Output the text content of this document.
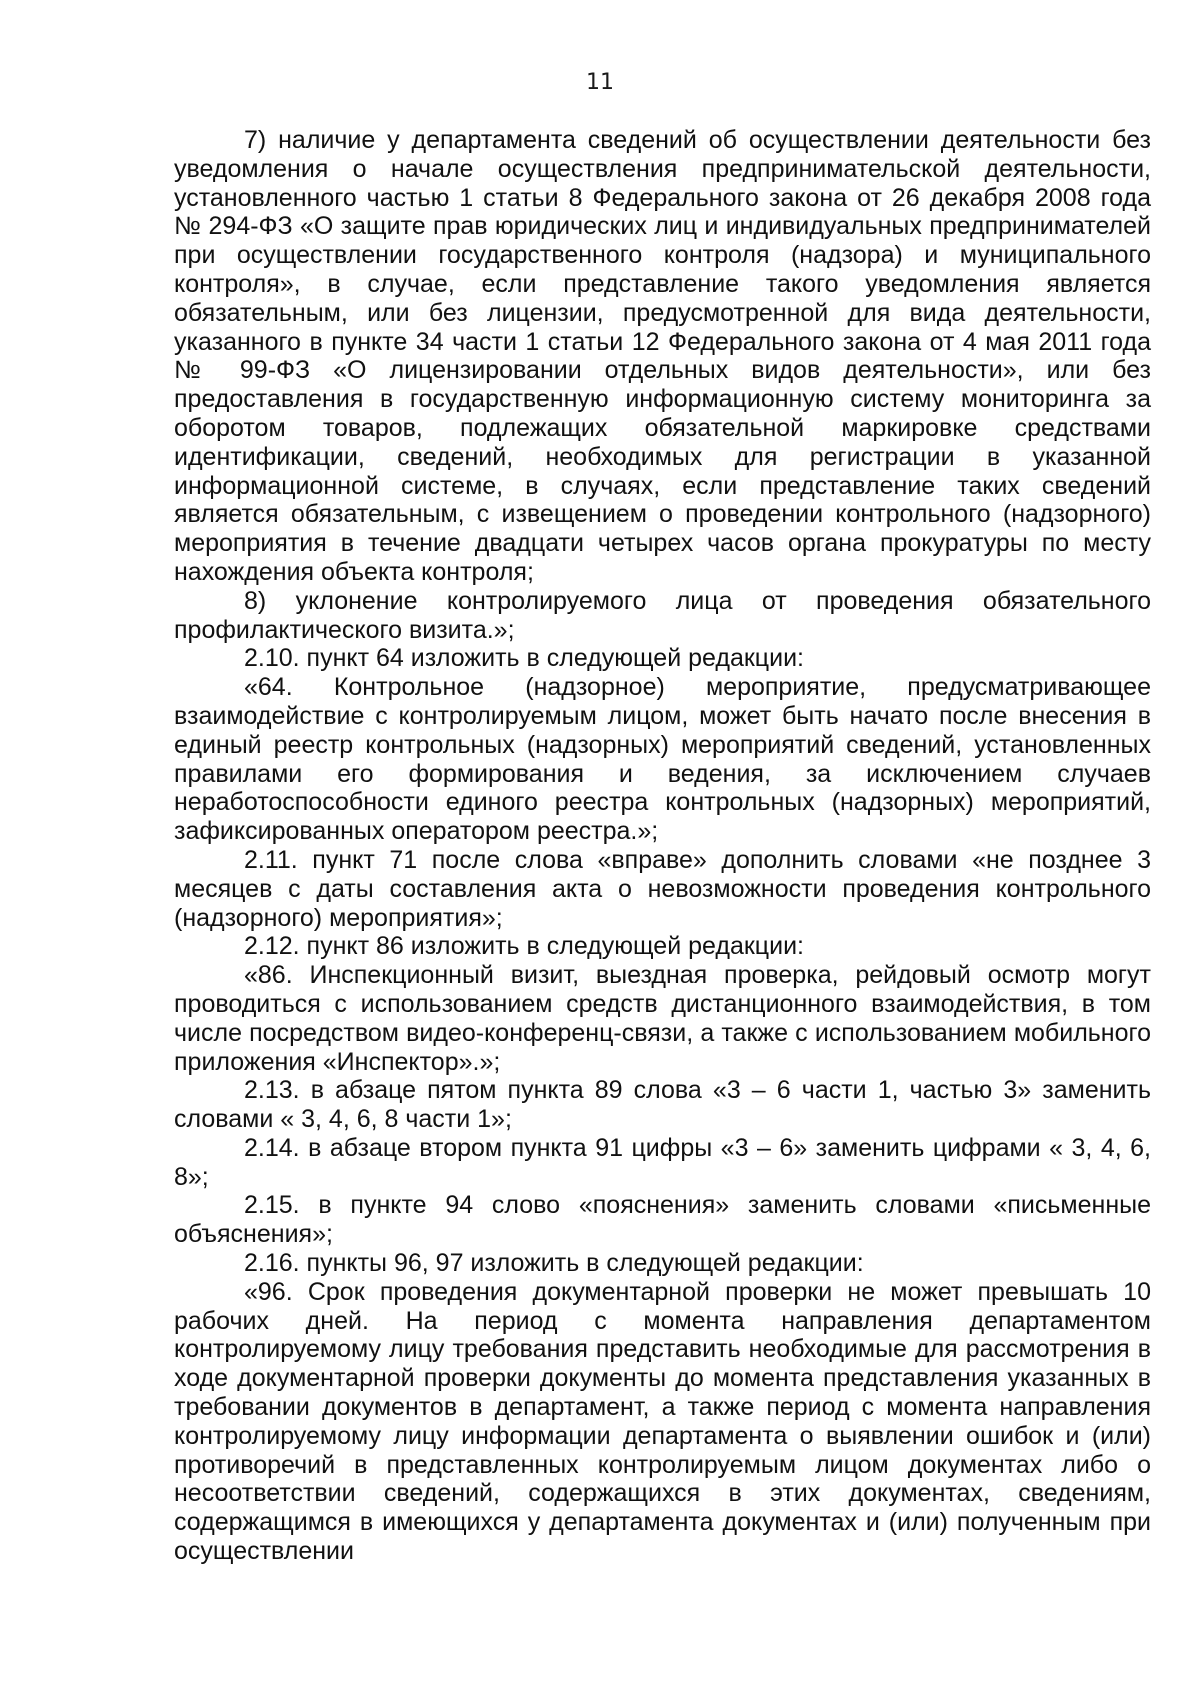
11

7) наличие у департамента сведений об осуществлении деятельности без уведомления о начале осуществления предпринимательской деятельности, установленного частью 1 статьи 8 Федерального закона от 26 декабря 2008 года № 294-ФЗ «О защите прав юридических лиц и индивидуальных предпринимателей при осуществлении государственного контроля (надзора) и муниципального контроля», в случае, если представление такого уведомления является обязательным, или без лицензии, предусмотренной для вида деятельности, указанного в пункте 34 части 1 статьи 12 Федерального закона от 4 мая 2011 года № 99-ФЗ «О лицензировании отдельных видов деятельности», или без предоставления в государственную информационную систему мониторинга за оборотом товаров, подлежащих обязательной маркировке средствами идентификации, сведений, необходимых для регистрации в указанной информационной системе, в случаях, если представление таких сведений является обязательным, с извещением о проведении контрольного (надзорного) мероприятия в течение двадцати четырех часов органа прокуратуры по месту нахождения объекта контроля;

8) уклонение контролируемого лица от проведения обязательного профилактического визита.»;

2.10. пункт 64 изложить в следующей редакции:

«64. Контрольное (надзорное) мероприятие, предусматривающее взаимодействие с контролируемым лицом, может быть начато после внесения в единый реестр контрольных (надзорных) мероприятий сведений, установленных правилами его формирования и ведения, за исключением случаев неработоспособности единого реестра контрольных (надзорных) мероприятий, зафиксированных оператором реестра.»;

2.11. пункт 71 после слова «вправе» дополнить словами «не позднее 3 месяцев с даты составления акта о невозможности проведения контрольного (надзорного) мероприятия»;

2.12. пункт 86 изложить в следующей редакции:

«86. Инспекционный визит, выездная проверка, рейдовый осмотр могут проводиться с использованием средств дистанционного взаимодействия, в том числе посредством видео-конференц-связи, а также с использованием мобильного приложения «Инспектор».»;

2.13. в абзаце пятом пункта 89 слова «3 – 6 части 1, частью 3» заменить словами « 3, 4, 6, 8 части 1»;

2.14. в абзаце втором пункта 91 цифры «3 – 6» заменить цифрами « 3, 4, 6, 8»;

2.15. в пункте 94 слово «пояснения» заменить словами «письменные объяснения»;

2.16. пункты 96, 97 изложить в следующей редакции:

«96. Срок проведения документарной проверки не может превышать 10 рабочих дней. На период с момента направления департаментом контролируемому лицу требования представить необходимые для рассмотрения в ходе документарной проверки документы до момента представления указанных в требовании документов в департамент, а также период с момента направления контролируемому лицу информации департамента о выявлении ошибок и (или) противоречий в представленных контролируемым лицом документах либо о несоответствии сведений, содержащихся в этих документах, сведениям, содержащимся в имеющихся у департамента документах и (или) полученным при осуществлении
